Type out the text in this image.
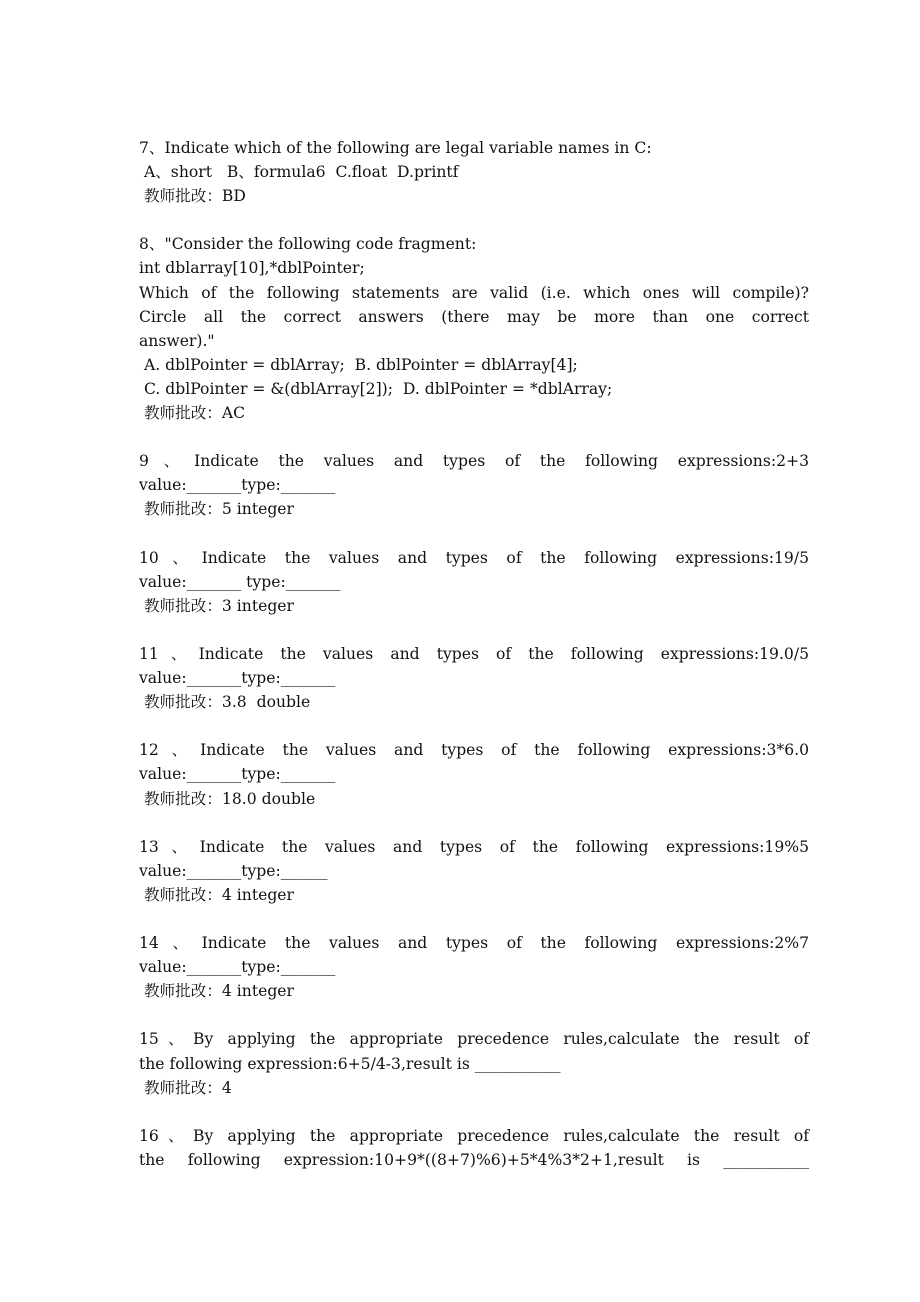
7、Indicate which of the following are legal variable names in C:
A、short   B、formula6  C.float  D.printf
教师批改：BD
8、"Consider the following code fragment:
int dblarray[10],*dblPointer;
Which of the following statements are valid (i.e. which ones will compile)?
Circle all the correct answers (there may be more than one correct
answer)."
A. dblPointer = dblArray;  B. dblPointer = dblArray[4];
C. dblPointer = &(dblArray[2]);  D. dblPointer = *dblArray;
教师批改：AC
9、Indicate the values and types of the following expressions:2+3
value:_______type:_______
教师批改：5 integer
10、Indicate the values and types of the following expressions:19/5
value:_______ type:_______
教师批改：3 integer
11、Indicate the values and types of the following expressions:19.0/5
value:_______type:_______
教师批改：3.8  double
12、Indicate the values and types of the following expressions:3*6.0
value:_______type:_______
教师批改：18.0 double
13、Indicate the values and types of the following expressions:19%5
value:_______type:______
教师批改：4 integer
14、Indicate the values and types of the following expressions:2%7
value:_______type:_______
教师批改：4 integer
15、By applying the appropriate precedence rules,calculate the result of
the following expression:6+5/4-3,result is ___________
教师批改：4
16、By applying the appropriate precedence rules,calculate the result of
the following expression:10+9*((8+7)%6)+5*4%3*2+1,result is ___________
